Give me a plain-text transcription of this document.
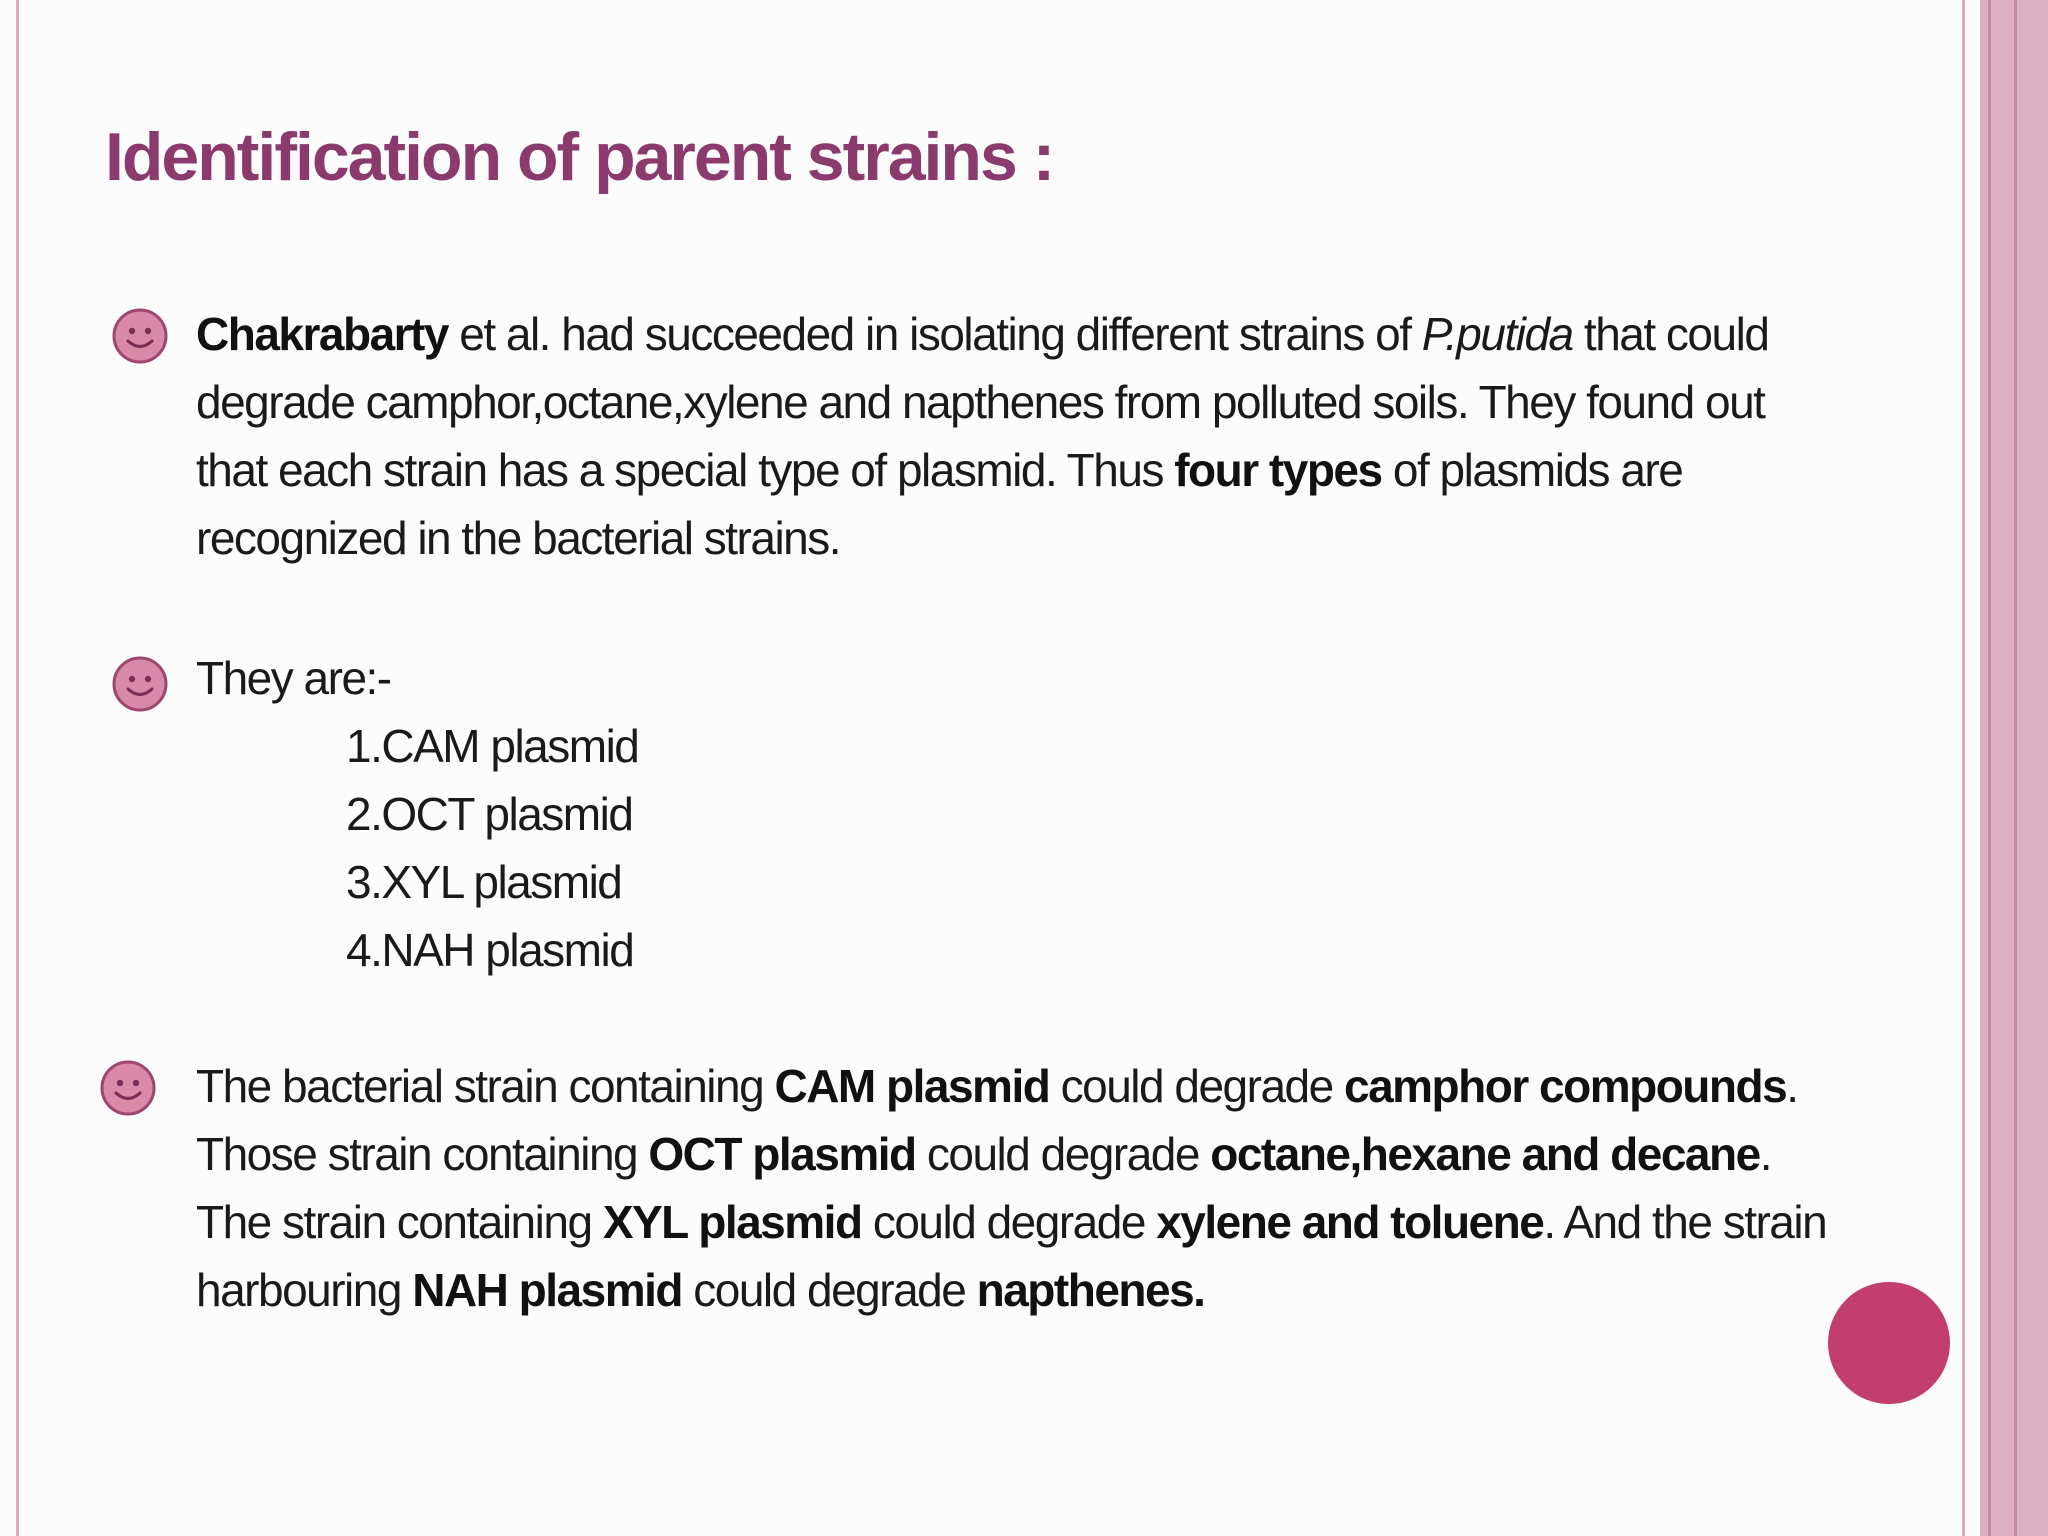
Identification of parent strains :

Chakrabarty et al. had succeeded in isolating different strains of P.putida that could degrade camphor,octane,xylene and napthenes from polluted soils. They found out that each strain has a special type of plasmid. Thus four types of plasmids are recognized in the bacterial strains.

They are:-

1.CAM plasmid
2.OCT plasmid
3.XYL plasmid
4.NAH plasmid

The bacterial strain containing CAM plasmid could degrade camphor compounds. Those strain containing OCT plasmid could degrade octane,hexane and decane. The strain containing XYL plasmid could degrade xylene and toluene. And the strain harbouring NAH plasmid could degrade napthenes.
